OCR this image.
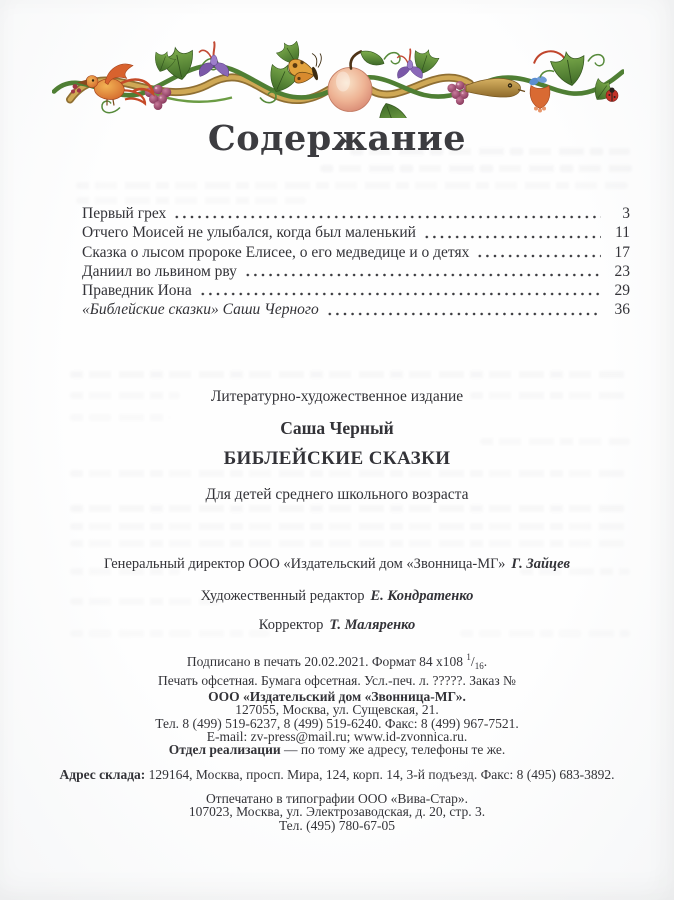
Содержание
Первый грех	3
Отчего Моисей не улыбался, когда был маленький	11
Сказка о лысом пророке Елисее, о его медведице и о детях	17
Даниил во львином рву	23
Праведник Иона	29
«Библейские сказки» Саши Черного	36

Литературно-художественное издание

Саша Черный

БИБЛЕЙСКИЕ СКАЗКИ

Для детей среднего школьного возраста

Генеральный директор ООО «Издательский дом «Звонница-МГ» Г. Зайцев

Художественный редактор Е. Кондратенко

Корректор Т. Маляренко

Подписано в печать 20.02.2021. Формат 84 х108 $^1/_{16}$.
Печать офсетная. Бумага офсетная. Усл.-печ. л. ?????. Заказ №
ООО «Издательский дом «Звонница-МГ».
127055, Москва, ул. Сущевская, 21.
Тел. 8 (499) 519-6237, 8 (499) 519-6240. Факс: 8 (499) 967-7521.
E-mail: zv-press@mail.ru; www.id-zvonnica.ru.
Отдел реализации — по тому же адресу, телефоны те же.

Адрес склада: 129164, Москва, просп. Мира, 124, корп. 14, 3-й подъезд. Факс: 8 (495) 683-3892.

Отпечатано в типографии ООО «Вива-Стар».
107023, Москва, ул. Электрозаводская, д. 20, стр. 3.
Тел. (495) 780-67-05
